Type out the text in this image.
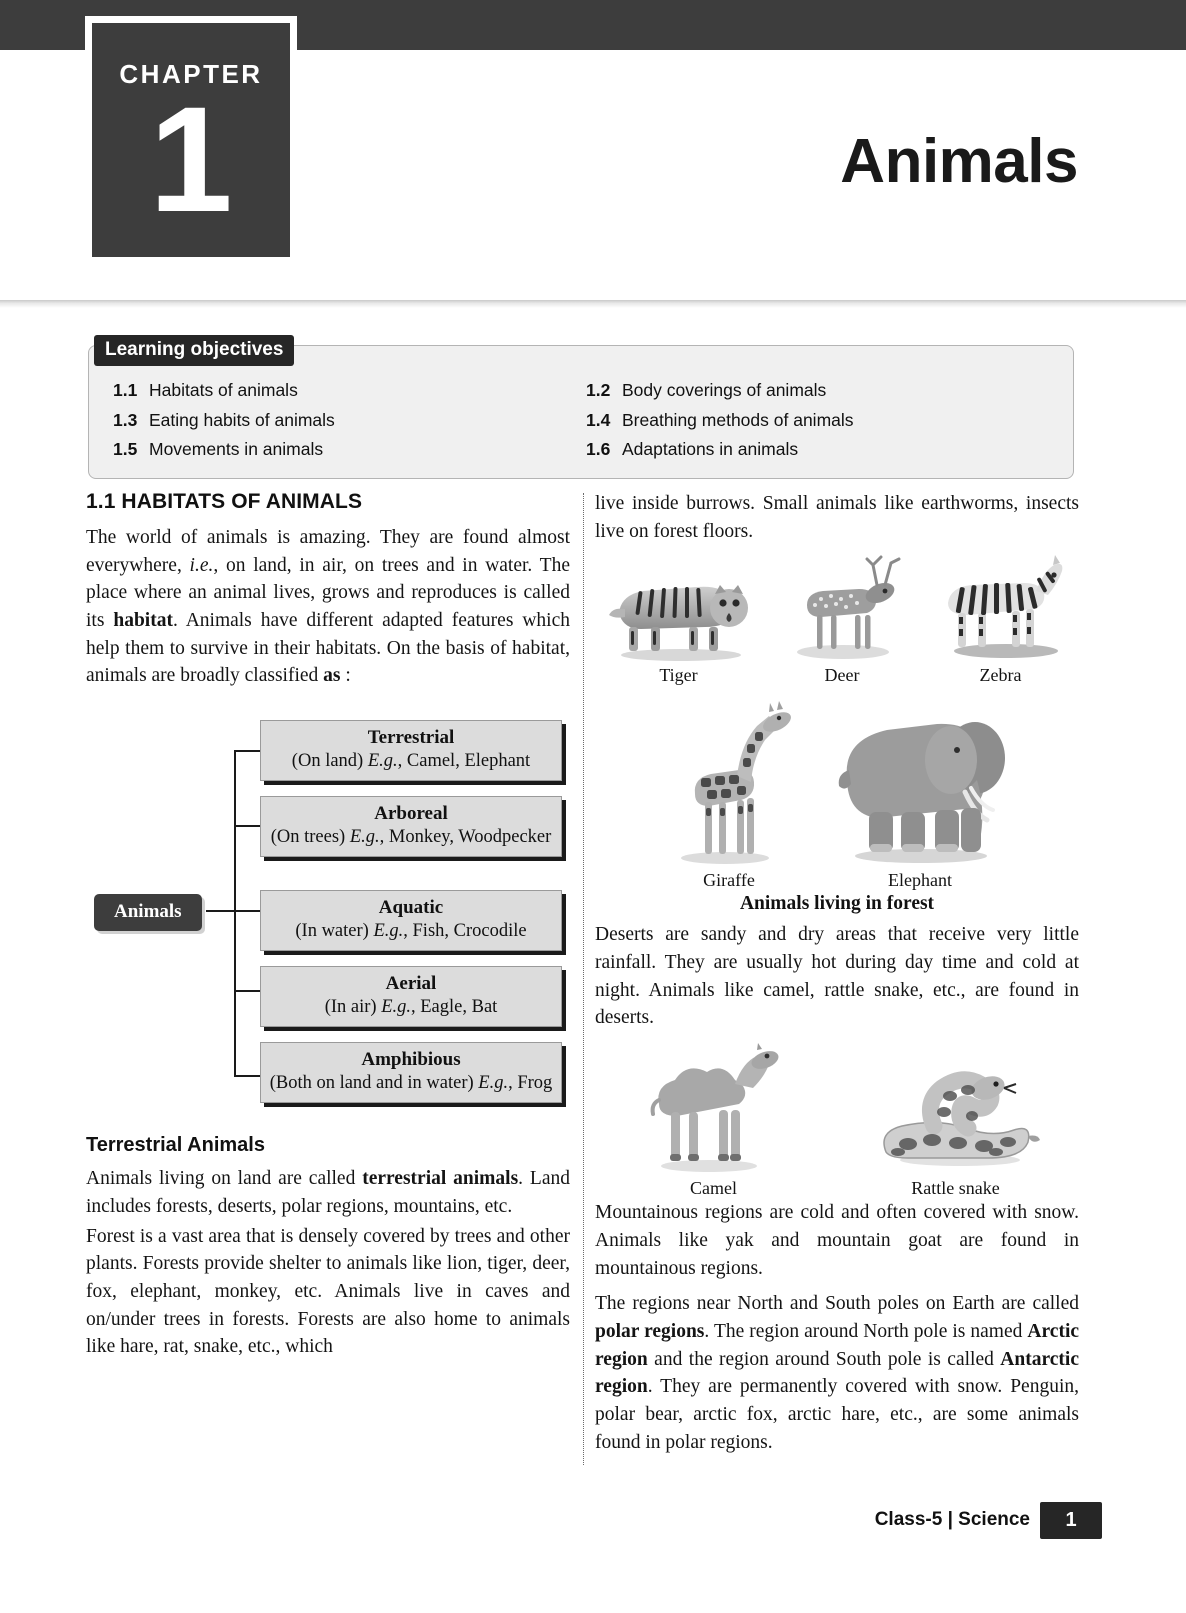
CHAPTER
1	Animals
Learning objectives
1.1 Habitats of animals	1.2 Body coverings of animals
1.3 Eating habits of animals	1.4 Breathing methods of animals
1.5 Movements in animals	1.6 Adaptations in animals
1.1 HABITATS OF ANIMALS

The world of animals is amazing. They are found almost everywhere, i.e., on land, in air, on trees and in water. The place where an animal lives, grows and reproduces is called its habitat. Animals have different adapted features which help them to survive in their habitats. On the basis of habitat, animals are broadly classified as :

Animals
Terrestrial
(On land) E.g., Camel, Elephant
Arboreal
(On trees) E.g., Monkey, Woodpecker
Aquatic
(In water) E.g., Fish, Crocodile
Aerial
(In air) E.g., Eagle, Bat
Amphibious
(Both on land and in water) E.g., Frog
Terrestrial Animals

Animals living on land are called terrestrial animals. Land includes forests, deserts, polar regions, mountains, etc.

Forest is a vast area that is densely covered by trees and other plants. Forests provide shelter to animals like lion, tiger, deer, fox, elephant, monkey, etc. Animals live in caves and on/under trees in forests. Forests are also home to animals like hare, rat, snake, etc., which

live inside burrows. Small animals like earthworms, insects live on forest floors.

Tiger	Deer	Zebra
Giraffe	Elephant
Animals living in forest

Deserts are sandy and dry areas that receive very little rainfall. They are usually hot during day time and cold at night. Animals like camel, rattle snake, etc., are found in deserts.

Camel	Rattle snake

Mountainous regions are cold and often covered with snow. Animals like yak and mountain goat are found in mountainous regions.

The regions near North and South poles on Earth are called polar regions. The region around North pole is named Arctic region and the region around South pole is called Antarctic region. They are permanently covered with snow. Penguin, polar bear, arctic fox, arctic hare, etc., are some animals found in polar regions.

Class-5 | Science	1
